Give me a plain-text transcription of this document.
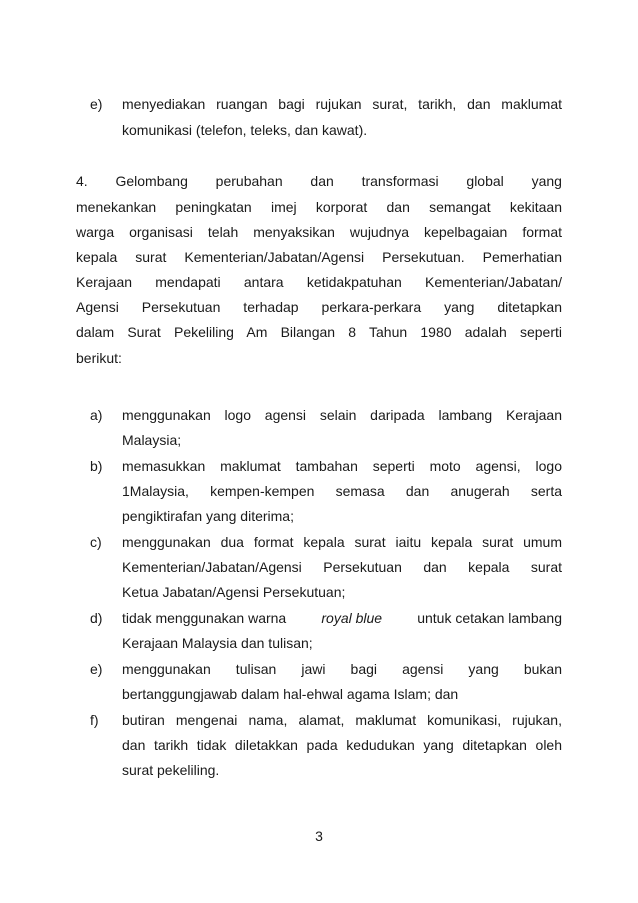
e) menyediakan ruangan bagi rujukan surat, tarikh, dan maklumat
komunikasi (telefon, teleks, dan kawat).
4. Gelombang perubahan dan transformasi global yang
menekankan peningkatan imej korporat dan semangat kekitaan
warga organisasi telah menyaksikan wujudnya kepelbagaian format
kepala surat Kementerian/Jabatan/Agensi Persekutuan. Pemerhatian
Kerajaan mendapati antara ketidakpatuhan Kementerian/Jabatan/
Agensi Persekutuan terhadap perkara-perkara yang ditetapkan
dalam Surat Pekeliling Am Bilangan 8 Tahun 1980 adalah seperti
berikut:
a) menggunakan logo agensi selain daripada lambang Kerajaan
Malaysia;
b) memasukkan maklumat tambahan seperti moto agensi, logo
1Malaysia, kempen-kempen semasa dan anugerah serta
pengiktirafan yang diterima;
c) menggunakan dua format kepala surat iaitu kepala surat umum
Kementerian/Jabatan/Agensi Persekutuan dan kepala surat
Ketua Jabatan/Agensi Persekutuan;
d) tidak menggunakan warna	royal blue	untuk cetakan lambang
Kerajaan Malaysia dan tulisan;
e) menggunakan tulisan jawi bagi agensi yang bukan
bertanggungjawab dalam hal-ehwal agama Islam; dan
f) butiran mengenai nama, alamat, maklumat komunikasi, rujukan,
dan tarikh tidak diletakkan pada kedudukan yang ditetapkan oleh
surat pekeliling.
3
